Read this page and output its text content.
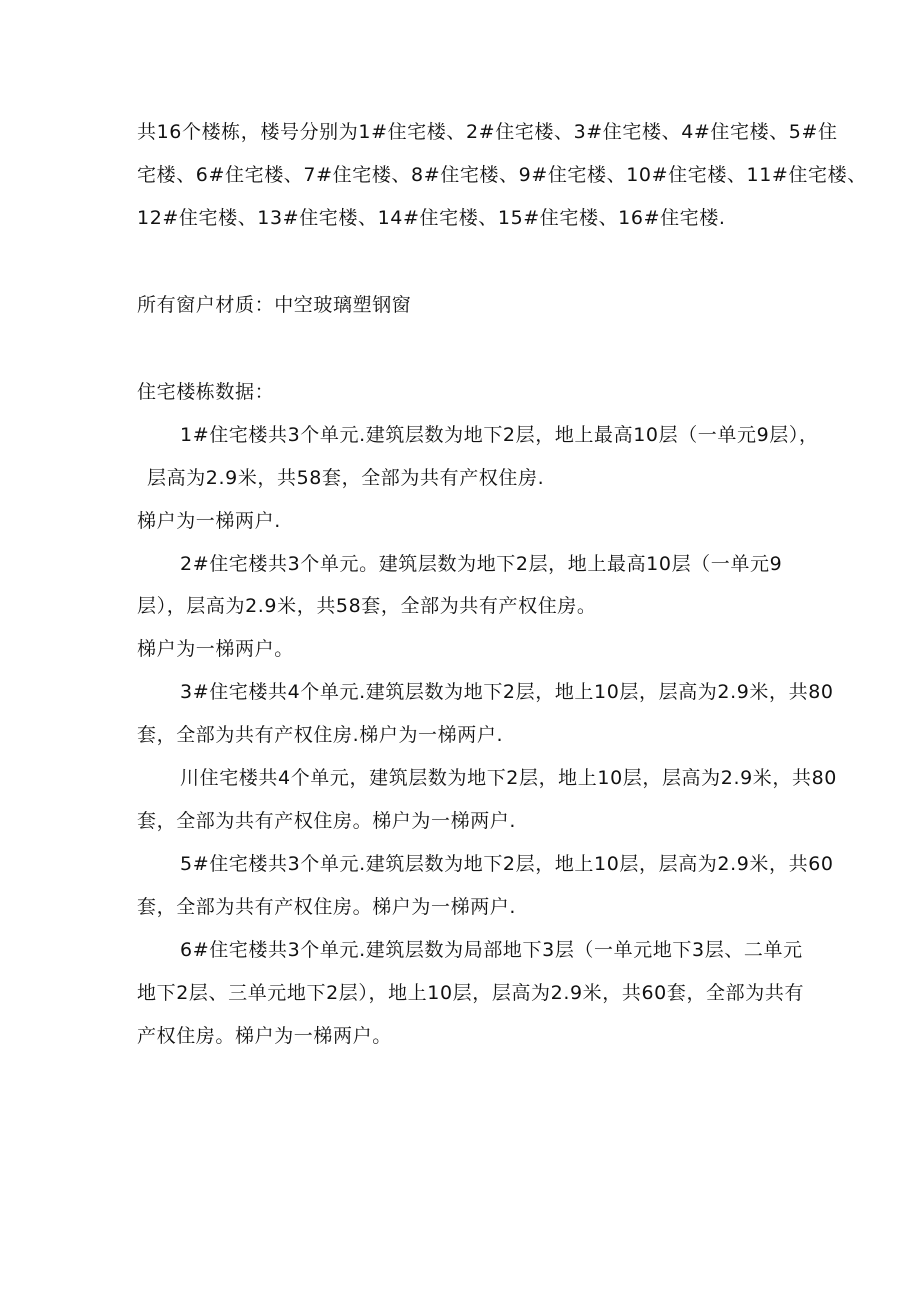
共16个楼栋，楼号分别为1#住宅楼、2#住宅楼、3#住宅楼、4#住宅楼、5#住
宅楼、6#住宅楼、7#住宅楼、8#住宅楼、9#住宅楼、10#住宅楼、11#住宅楼、
12#住宅楼、13#住宅楼、14#住宅楼、15#住宅楼、16#住宅楼.
所有窗户材质：中空玻璃塑钢窗
住宅楼栋数据：
1#住宅楼共3个单元.建筑层数为地下2层，地上最高10层（一单元9层），
层高为2.9米，共58套，全部为共有产权住房.
梯户为一梯两户.
2#住宅楼共3个单元。建筑层数为地下2层，地上最高10层（一单元9
层），层高为2.9米，共58套，全部为共有产权住房。
梯户为一梯两户。
3#住宅楼共4个单元.建筑层数为地下2层，地上10层，层高为2.9米，共80
套，全部为共有产权住房.梯户为一梯两户.
川住宅楼共4个单元，建筑层数为地下2层，地上10层，层高为2.9米，共80
套，全部为共有产权住房。梯户为一梯两户.
5#住宅楼共3个单元.建筑层数为地下2层，地上10层，层高为2.9米，共60
套，全部为共有产权住房。梯户为一梯两户.
6#住宅楼共3个单元.建筑层数为局部地下3层（一单元地下3层、二单元
地下2层、三单元地下2层），地上10层，层高为2.9米，共60套，全部为共有
产权住房。梯户为一梯两户。
